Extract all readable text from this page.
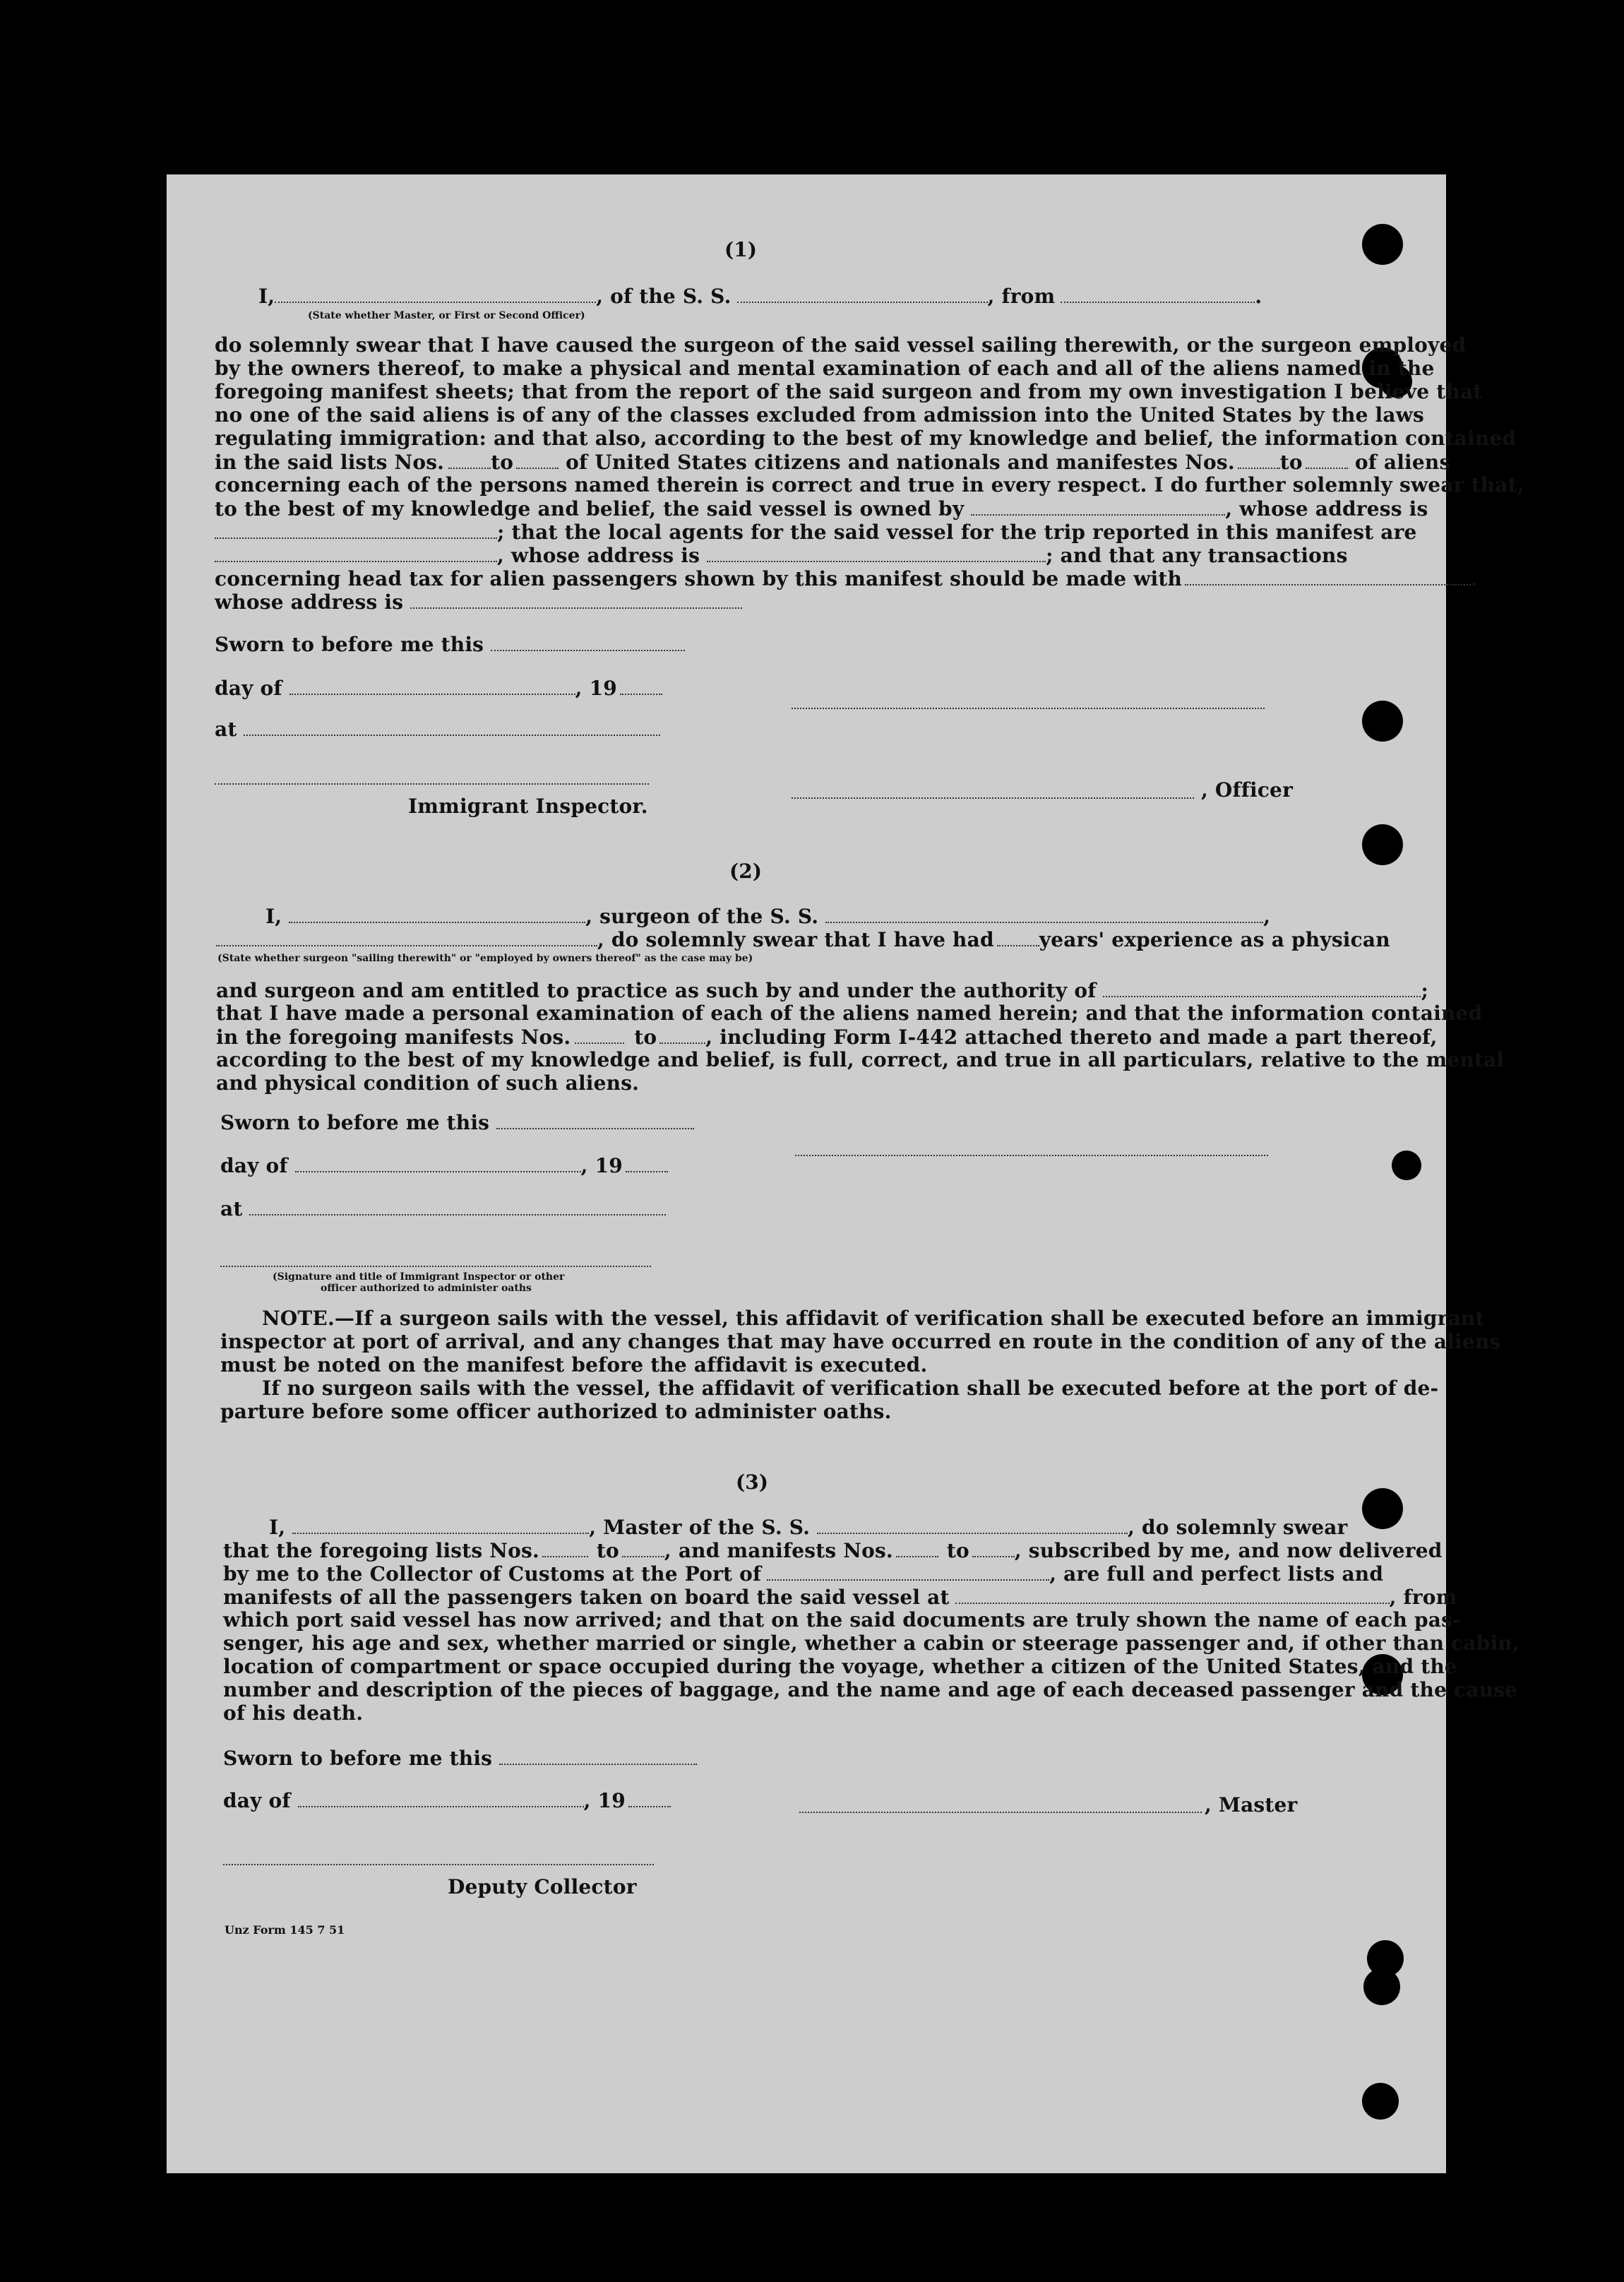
(1)
I,	, of the S. S.	, from	.
(State whether Master, or First or Second Officer)
do solemnly swear that I have caused the surgeon of the said vessel sailing therewith, or the surgeon employed
by the owners thereof, to make a physical and mental examination of each and all of the aliens named in the
foregoing manifest sheets; that from the report of the said surgeon and from my own investigation I believe that
no one of the said aliens is of any of the classes excluded from admission into the United States by the laws
regulating immigration: and that also, according to the best of my knowledge and belief, the information contained
in the said lists Nos. to	of United States citizens and nationals and manifestes Nos. to	of aliens
concerning each of the persons named therein is correct and true in every respect. I do further solemnly swear that,
to the best of my knowledge and belief, the said vessel is owned by	, whose address is
; that the local agents for the said vessel for the trip reported in this manifest are
, whose address is	; and that any transactions
concerning head tax for alien passengers shown by this manifest should be made with	.
whose address is
Sworn to before me this
day of	, 19
at
Immigrant Inspector.
, Officer
(2)
I,	, surgeon of the S. S.	,
, do solemnly swear that I have had years' experience as a physican
(State whether surgeon "sailing therewith" or "employed by owners thereof" as the case may be)
and surgeon and am entitled to practice as such by and under the authority of	;
that I have made a personal examination of each of the aliens named herein; and that the information contained
in the foregoing manifests Nos.	to , including Form I-442 attached thereto and made a part thereof,
according to the best of my knowledge and belief, is full, correct, and true in all particulars, relative to the mental
and physical condition of such aliens.
Sworn to before me this
day of	, 19
at
(Signature and title of Immigrant Inspector or other
officer authorized to administer oaths
NOTE.—If a surgeon sails with the vessel, this affidavit of verification shall be executed before an immigrant
inspector at port of arrival, and any changes that may have occurred en route in the condition of any of the aliens
must be noted on the manifest before the affidavit is executed.
If no surgeon sails with the vessel, the affidavit of verification shall be executed before at the port of de-
parture before some officer authorized to administer oaths.
(3)
I,	, Master of the S. S.	, do solemnly swear
that the foregoing lists Nos.	to , and manifests Nos.	to , subscribed by me, and now delivered
by me to the Collector of Customs at the Port of	, are full and perfect lists and
manifests of all the passengers taken on board the said vessel at	, from
which port said vessel has now arrived; and that on the said documents are truly shown the name of each pas-
senger, his age and sex, whether married or single, whether a cabin or steerage passenger and, if other than cabin,
location of compartment or space occupied during the voyage, whether a citizen of the United States, and the
number and description of the pieces of baggage, and the name and age of each deceased passenger and the cause
of his death.
Sworn to before me this
day of	, 19	, Master
Deputy Collector
Unz Form 145 7 51
